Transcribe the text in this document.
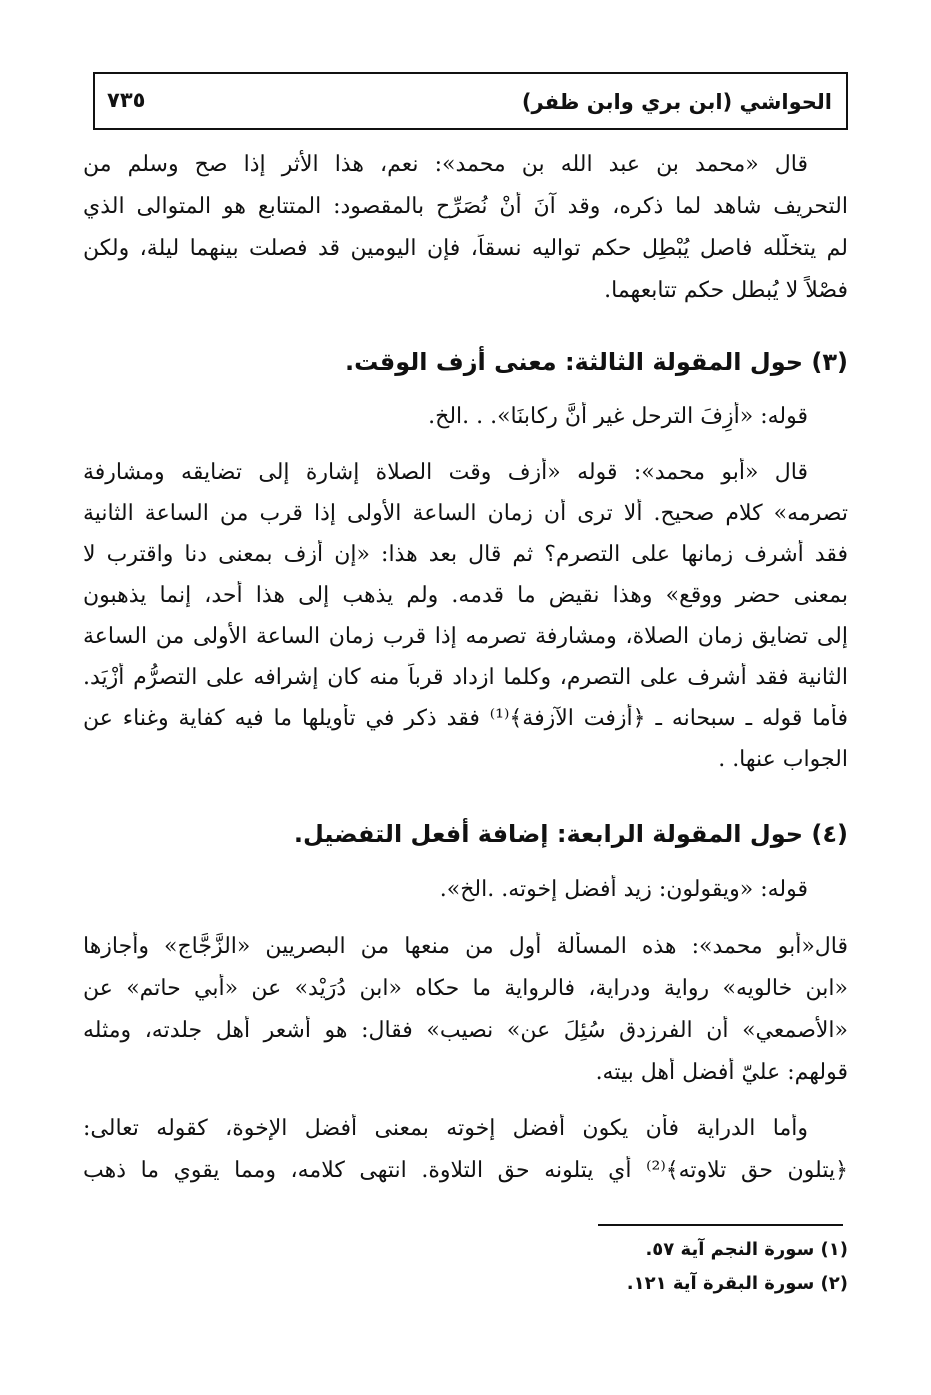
الحواشي (ابن بري وابن ظفر)
٧٣٥
قال «محمد بن عبد الله بن محمد»: نعم، هذا الأثر إذا صح وسلم من
التحريف شاهد لما ذكره، وقد آنَ أنْ نُصَرِّح بالمقصود: المتتابع هو المتوالى الذي
لم يتخلَّله فاصل يُبْطِل حكم تواليه نسقاً، فإن اليومين قد فصلت بينهما ليلة، ولكن
فصْلاً لا يُبطل حكم تتابعهما.
(٣) حول المقولة الثالثة: معنى أزف الوقت.
قوله: «أَزِفَ الترحل غير أنَّ ركابنَا». . .الخ.
قال «أبو محمد»: قوله «أزف وقت الصلاة إشارة إلى تضايقه ومشارفة
تصرمه» كلام صحيح. ألا ترى أن زمان الساعة الأولى إذا قرب من الساعة الثانية
فقد أشرف زمانها على التصرم؟ ثم قال بعد هذا: «إن أزف بمعنى دنا واقترب لا
بمعنى حضر ووقع» وهذا نقيض ما قدمه. ولم يذهب إلى هذا أحد، إنما يذهبون
إلى تضايق زمان الصلاة، ومشارفة تصرمه إذا قرب زمان الساعة الأولى من الساعة
الثانية فقد أشرف على التصرم، وكلما ازداد قرباً منه كان إشرافه على التصرُّم أزْيَد.
فأما قوله ـ سبحانه ـ ﴿أزفت الآزفة﴾⁽¹⁾ فقد ذكر في تأويلها ما فيه كفاية وغناء عن
الجواب عنها. .
(٤) حول المقولة الرابعة: إضافة أفعل التفضيل.
قوله: «ويقولون: زيد أفضل إخوته. .الخ».
قال«أبو محمد»: هذه المسألة أول من منعها من البصريين «الزَّجَّاج» وأجازها
«ابن خالويه» رواية ودراية، فالرواية ما حكاه «ابن دُرَيْد» عن «أبي حاتم» عن
«الأصمعي» أن الفرزدق سُئِلَ عن» نصيب» فقال: هو أشعر أهل جلدته، ومثله
قولهم: عليّ أفضل أهل بيته.
وأما الدراية فأن يكون أفضل إخوته بمعنى أفضل الإخوة، كقوله تعالى:
﴿يتلون حق تلاوته﴾⁽²⁾ أي يتلونه حق التلاوة. انتهى كلامه، ومما يقوي ما ذهب
(١) سورة النجم آية ٥٧.
(٢) سورة البقرة آية ١٢١.
